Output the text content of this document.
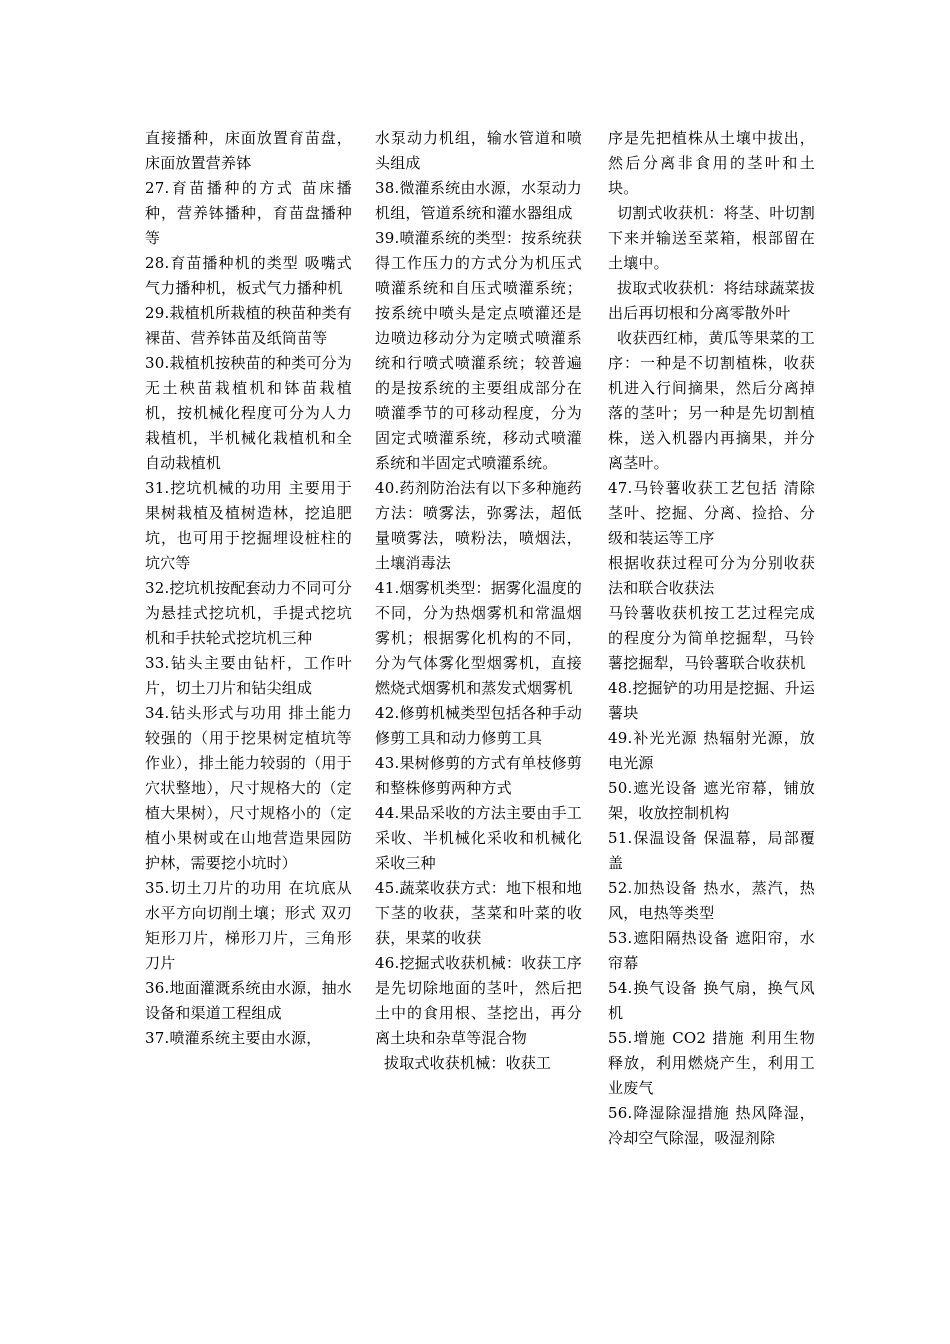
直接播种，床面放置育苗盘，床面放置营养钵

27.育苗播种的方式 苗床播种，营养钵播种，育苗盘播种等

28.育苗播种机的类型 吸嘴式气力播种机，板式气力播种机

29.栽植机所栽植的秧苗种类有裸苗、营养钵苗及纸筒苗等

30.栽植机按秧苗的种类可分为无土秧苗栽植机和钵苗栽植机，按机械化程度可分为人力栽植机，半机械化栽植机和全自动栽植机

31.挖坑机械的功用 主要用于果树栽植及植树造林，挖追肥坑，也可用于挖掘埋设桩柱的坑穴等

32.挖坑机按配套动力不同可分为悬挂式挖坑机，手提式挖坑机和手扶轮式挖坑机三种

33.钻头主要由钻杆，工作叶片，切土刀片和钻尖组成

34.钻头形式与功用 排土能力较强的（用于挖果树定植坑等作业），排土能力较弱的（用于穴状整地），尺寸规格大的（定植大果树），尺寸规格小的（定植小果树或在山地营造果园防护林，需要挖小坑时）

35.切土刀片的功用 在坑底从水平方向切削土壤；形式 双刃矩形刀片，梯形刀片，三角形刀片

36.地面灌溉系统由水源，抽水设备和渠道工程组成

37.喷灌系统主要由水源，

水泵动力机组，输水管道和喷头组成

38.微灌系统由水源，水泵动力机组，管道系统和灌水器组成

39.喷灌系统的类型：按系统获得工作压力的方式分为机压式喷灌系统和自压式喷灌系统；按系统中喷头是定点喷灌还是边喷边移动分为定喷式喷灌系统和行喷式喷灌系统；较普遍的是按系统的主要组成部分在喷灌季节的可移动程度，分为固定式喷灌系统，移动式喷灌系统和半固定式喷灌系统。

40.药剂防治法有以下多种施药方法：喷雾法，弥雾法，超低量喷雾法，喷粉法，喷烟法，土壤消毒法

41.烟雾机类型：据雾化温度的不同，分为热烟雾机和常温烟雾机；根据雾化机构的不同，分为气体雾化型烟雾机，直接燃烧式烟雾机和蒸发式烟雾机

42.修剪机械类型包括各种手动修剪工具和动力修剪工具

43.果树修剪的方式有单枝修剪和整株修剪两种方式

44.果品采收的方法主要由手工采收、半机械化采收和机械化采收三种

45.蔬菜收获方式：地下根和地下茎的收获，茎菜和叶菜的收获，果菜的收获

46.挖掘式收获机械：收获工序是先切除地面的茎叶，然后把土中的食用根、茎挖出，再分离土块和杂草等混合物

拔取式收获机械：收获工

序是先把植株从土壤中拔出，然后分离非食用的茎叶和土块。

切割式收获机：将茎、叶切割下来并输送至菜箱，根部留在土壤中。

拔取式收获机：将结球蔬菜拔出后再切根和分离零散外叶

收获西红柿，黄瓜等果菜的工序：一种是不切割植株，收获机进入行间摘果，然后分离掉落的茎叶；另一种是先切割植株，送入机器内再摘果，并分离茎叶。

47.马铃薯收获工艺包括 清除茎叶、挖掘、分离、捡拾、分级和装运等工序

根据收获过程可分为分别收获法和联合收获法

马铃薯收获机按工艺过程完成的程度分为简单挖掘犁，马铃薯挖掘犁，马铃薯联合收获机

48.挖掘铲的功用是挖掘、升运薯块

49.补光光源 热辐射光源，放电光源

50.遮光设备 遮光帘幕，铺放架，收放控制机构

51.保温设备 保温幕，局部覆盖

52.加热设备 热水，蒸汽，热风，电热等类型

53.遮阳隔热设备 遮阳帘，水帘幕

54.换气设备 换气扇，换气风机

55.增施 CO2 措施 利用生物释放，利用燃烧产生，利用工业废气

56.降湿除湿措施 热风降湿，冷却空气除湿，吸湿剂除
